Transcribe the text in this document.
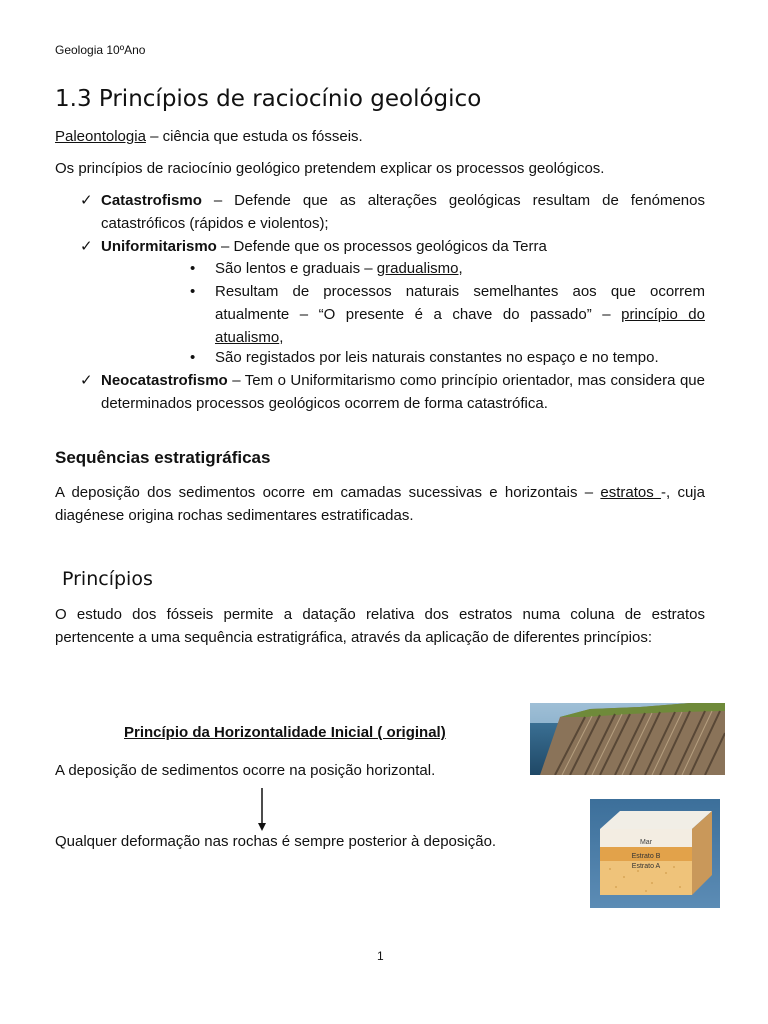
Geologia 10ºAno
1.3 Princípios de raciocínio geológico

Paleontologia – ciência que estuda os fósseis.

Os princípios de raciocínio geológico pretendem explicar os processos geológicos.

✓ Catastrofismo – Defende que as alterações geológicas resultam de fenómenos catastróficos (rápidos e violentos);
✓ Uniformitarismo – Defende que os processos geológicos da Terra
• São lentos e graduais – gradualismo,
• Resultam de processos naturais semelhantes aos que ocorrem atualmente – “O presente é a chave do passado” – princípio do atualismo,
• São registados por leis naturais constantes no espaço e no tempo.
✓ Neocatastrofismo – Tem o Uniformitarismo como princípio orientador, mas considera que determinados processos geológicos ocorrem de forma catastrófica.
Sequências estratigráficas

A deposição dos sedimentos ocorre em camadas sucessivas e horizontais – estratos -, cuja diagénese origina rochas sedimentares estratificadas.

Princípios

O estudo dos fósseis permite a datação relativa dos estratos numa coluna de estratos pertencente a uma sequência estratigráfica, através da aplicação de diferentes princípios:

Princípio da Horizontalidade Inicial ( original)

A deposição de sedimentos ocorre na posição horizontal.

Qualquer deformação nas rochas é sempre posterior à deposição.	Mar
Estrato B
Estrato A
1
